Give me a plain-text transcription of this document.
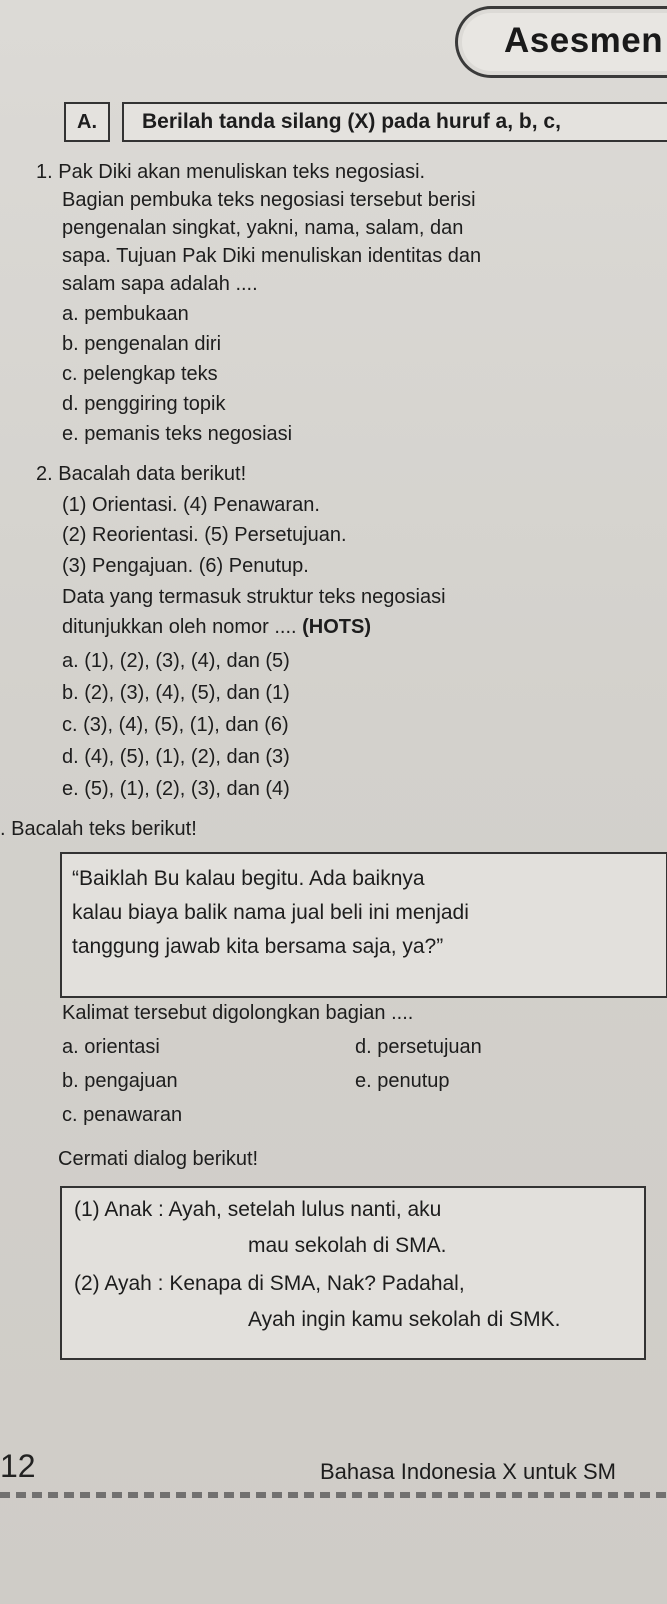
Asesmen
A.	Berilah tanda silang (X) pada huruf a, b, c,
1. Pak Diki akan menuliskan teks negosiasi.
Bagian pembuka teks negosiasi tersebut berisi
pengenalan singkat, yakni, nama, salam, dan
sapa. Tujuan Pak Diki menuliskan identitas dan
salam sapa adalah ....
a. pembukaan
b. pengenalan diri
c. pelengkap teks
d. penggiring topik
e. pemanis teks negosiasi
2. Bacalah data berikut!
(1) Orientasi. (4) Penawaran.
(2) Reorientasi. (5) Persetujuan.
(3) Pengajuan. (6) Penutup.
Data yang termasuk struktur teks negosiasi
ditunjukkan oleh nomor .... (HOTS)
a. (1), (2), (3), (4), dan (5)
b. (2), (3), (4), (5), dan (1)
c. (3), (4), (5), (1), dan (6)
d. (4), (5), (1), (2), dan (3)
e. (5), (1), (2), (3), dan (4)
. Bacalah teks berikut!
“Baiklah Bu kalau begitu. Ada baiknya
kalau biaya balik nama jual beli ini menjadi
tanggung jawab kita bersama saja, ya?”
Kalimat tersebut digolongkan bagian ....
a. orientasi
b. pengajuan
c. penawaran
d. persetujuan
e. penutup
Cermati dialog berikut!
(1) Anak : Ayah, setelah lulus nanti, aku
mau sekolah di SMA.
(2) Ayah : Kenapa di SMA, Nak? Padahal,
Ayah ingin kamu sekolah di SMK.
12	Bahasa Indonesia X untuk SM
